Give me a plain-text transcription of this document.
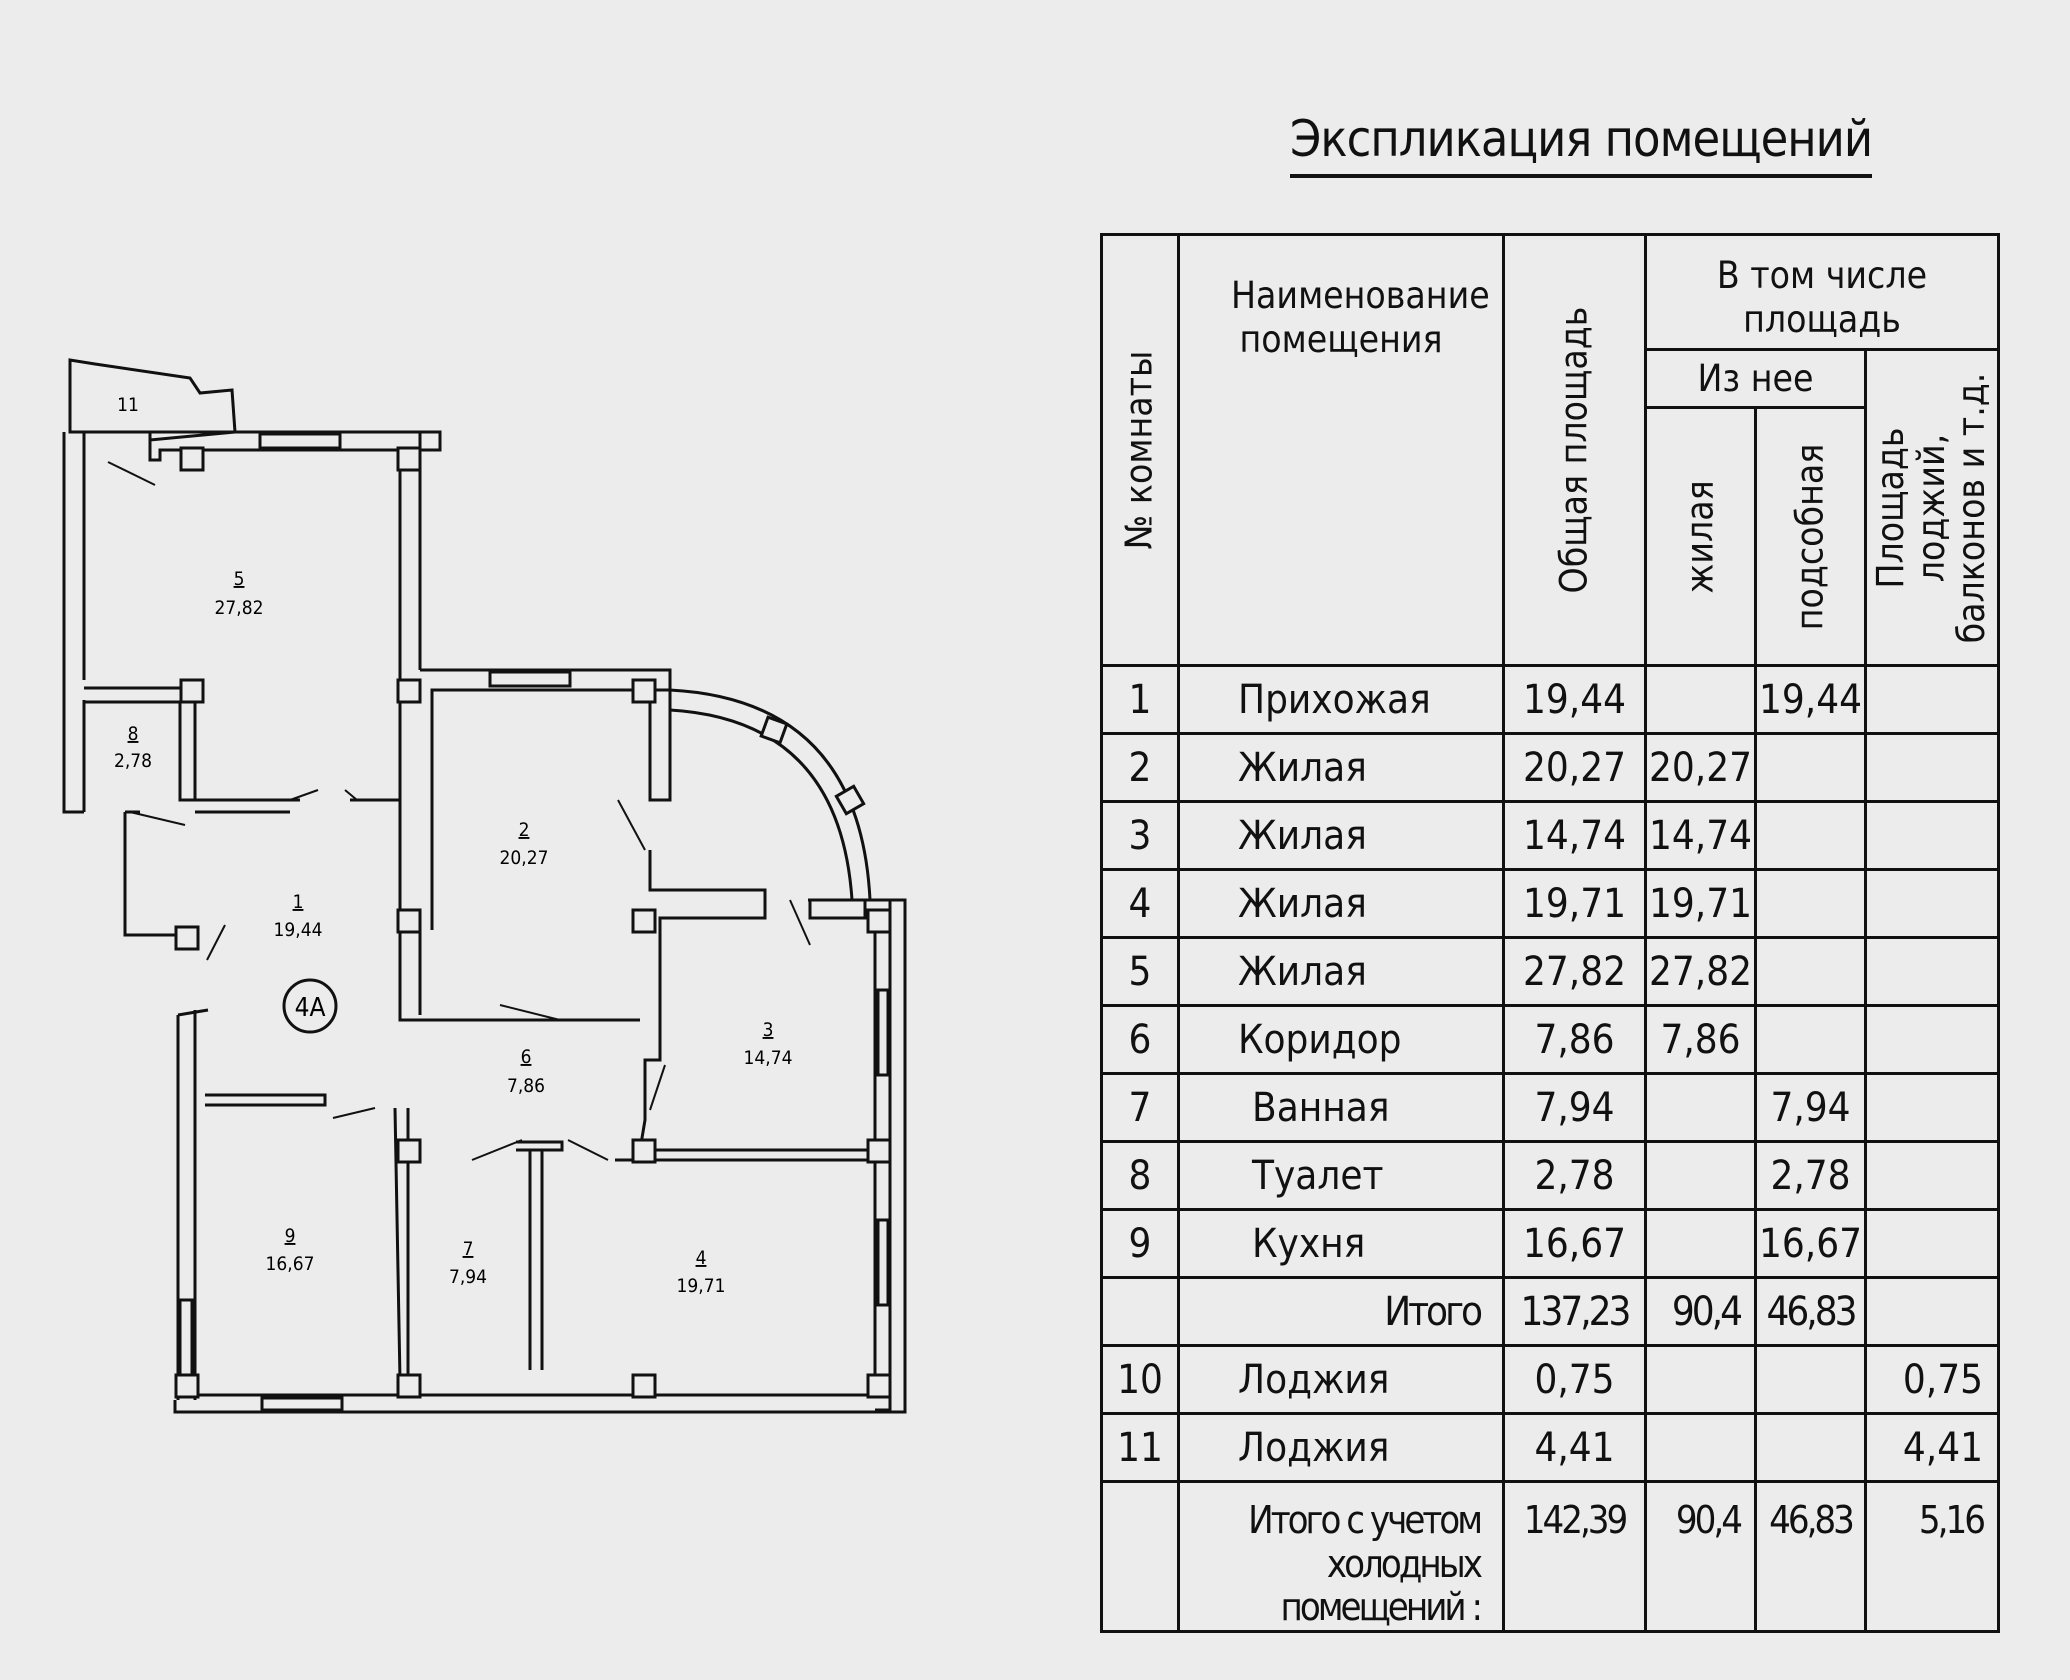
4А
11
5
27,82
8
2,78
2
20,27
1
19,44
3
14,74
6
7,86
9
16,67
7
7,94
4
19,71
Экспликация помещений
№ комнаты	Наименование помещения	Общая площадь	В том числе площадь		

			Из нее		Площадь лоджий, балконов и т.д.

			жилая	подсобная	

1	Прихожая	19,44		19,44	
2	Жилая	20,27	20,27		
3	Жилая	14,74	14,74		
4	Жилая	19,71	19,71		
5	Жилая	27,82	27,82		
6	Коридор	7,86	7,86		
7	Ванная	7,94		7,94	
8	Туалет	2,78		2,78	
9	Кухня	16,67		16,67	
	Итого	137,23	90,4	46,83	
10	Лоджия	0,75			0,75
11	Лоджия	4,41			4,41

	Итого с учетом холодных помещений :	142,39	90,4	46,83	5,16
